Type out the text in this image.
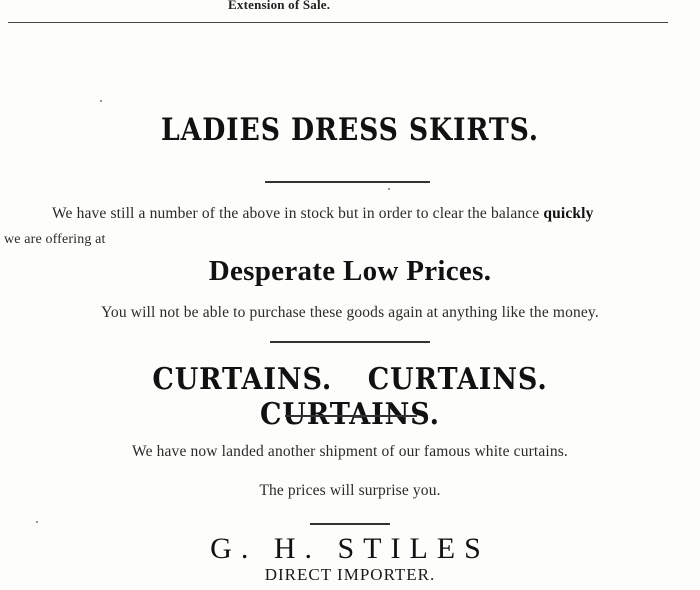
Extension of Sale.
LADIES DRESS SKIRTS.
We have still a number of the above in stock but in order to clear the balance quickly
we are offering at
Desperate Low Prices.
You will not be able to purchase these goods again at anything like the money.
CURTAINS. CURTAINS. CURTAINS.
We have now landed another shipment of our famous white curtains.
The prices will surprise you.
G. H. STILES
DIRECT IMPORTER.
